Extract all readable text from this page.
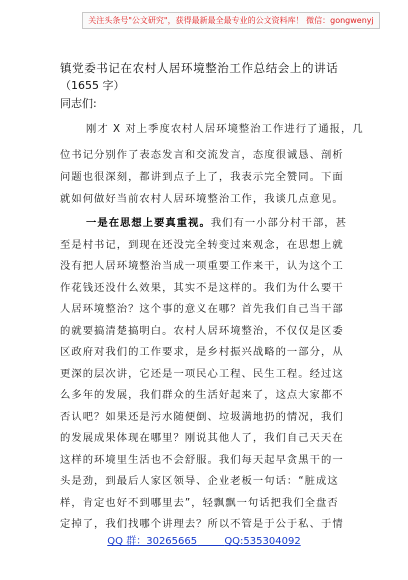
关注头条号"公文研究"，获得最新最全最专业的公文资料库！ 微信：gongwenyj
镇党委书记在农村人居环境整治工作总结会上的讲话
（1655 字）
同志们:
刚才 X 对上季度农村人居环境整治工作进行了通报，几
位书记分别作了表态发言和交流发言，态度很诚恳、剖析
问题也很深刻，都讲到点子上了，我表示完全赞同。下面
就如何做好当前农村人居环境整治工作，我谈几点意见。
一是在思想上要真重视。我们有一小部分村干部，甚
至是村书记，到现在还没完全转变过来观念，在思想上就
没有把人居环境整治当成一项重要工作来干，认为这个工
作花钱还没什么效果，其实不是这样的。我们为什么要干
人居环境整治？这个事的意义在哪？首先我们自己当干部
的就要搞清楚搞明白。农村人居环境整治，不仅仅是区委
区政府对我们的工作要求，是乡村振兴战略的一部分，从
更深的层次讲，它还是一项民心工程、民生工程。经过这
么多年的发展，我们群众的生活好起来了，这点大家都不
否认吧？如果还是污水随便倒、垃圾满地扔的情况，我们
的发展成果体现在哪里？刚说其他人了，我们自己天天在
这样的环境里生活也不会舒服。我们每天起早贪黑干的一
头是劲，到最后人家区领导、企业老板一句话：“脏成这
样，肯定也好不到哪里去”，轻飘飘一句话把我们全盘否
定掉了，我们找哪个讲理去？所以不管是于公于私、于情
QQ 群：30265665	QQ:535304092
